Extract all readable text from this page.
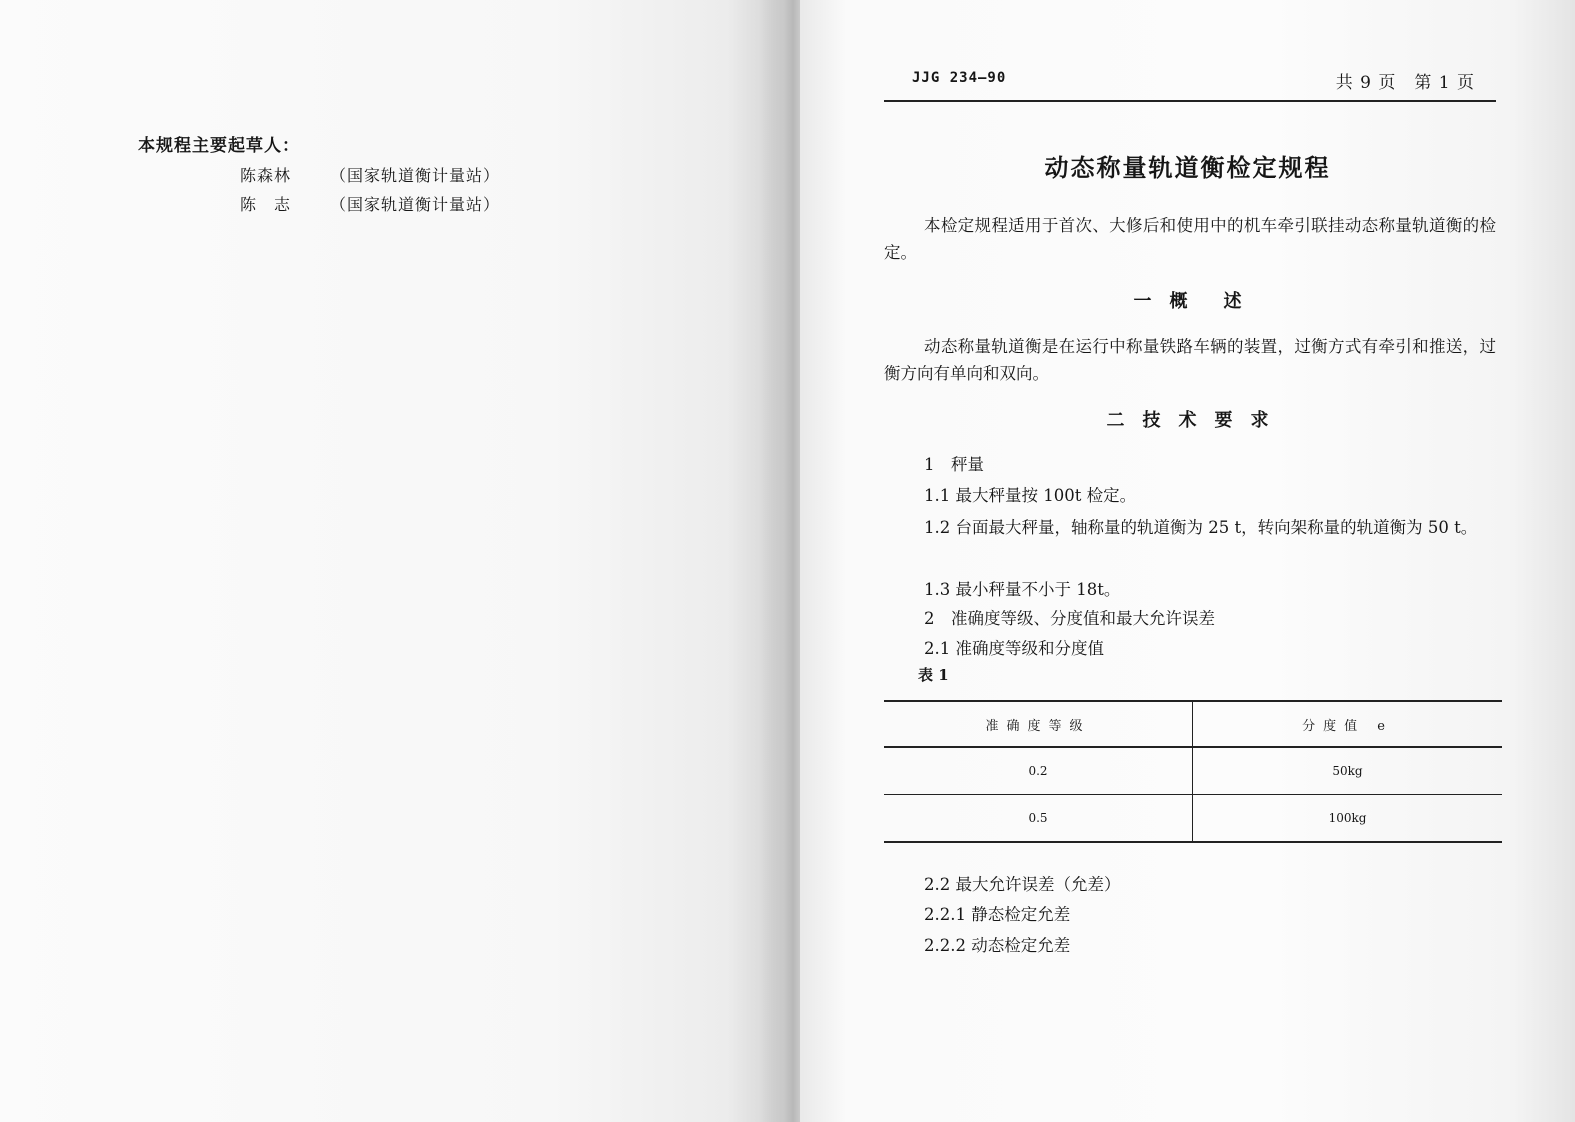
本规程主要起草人：
陈森林 （国家轨道衡计量站）
陈　志 （国家轨道衡计量站）
JJG 234—90	共 9 页　第 1 页
动态称量轨道衡检定规程

本检定规程适用于首次、大修后和使用中的机车牵引联挂动态称量轨道衡的检定。

一　概　　述

动态称量轨道衡是在运行中称量铁路车辆的装置，过衡方式有牵引和推送，过衡方向有单向和双向。

二　技　术　要　求
1　秤量
1.1 最大秤量按 100t 检定。
1.2 台面最大秤量，轴称量的轨道衡为 25 t，转向架称量的轨道衡为 50 t。
1.3 最小秤量不小于 18t。
2　准确度等级、分度值和最大允许误差
2.1 准确度等级和分度值
表 1
准确度等级	分度值 e
0.2	50kg
0.5	100kg
2.2 最大允许误差（允差）
2.2.1 静态检定允差
2.2.2 动态检定允差
